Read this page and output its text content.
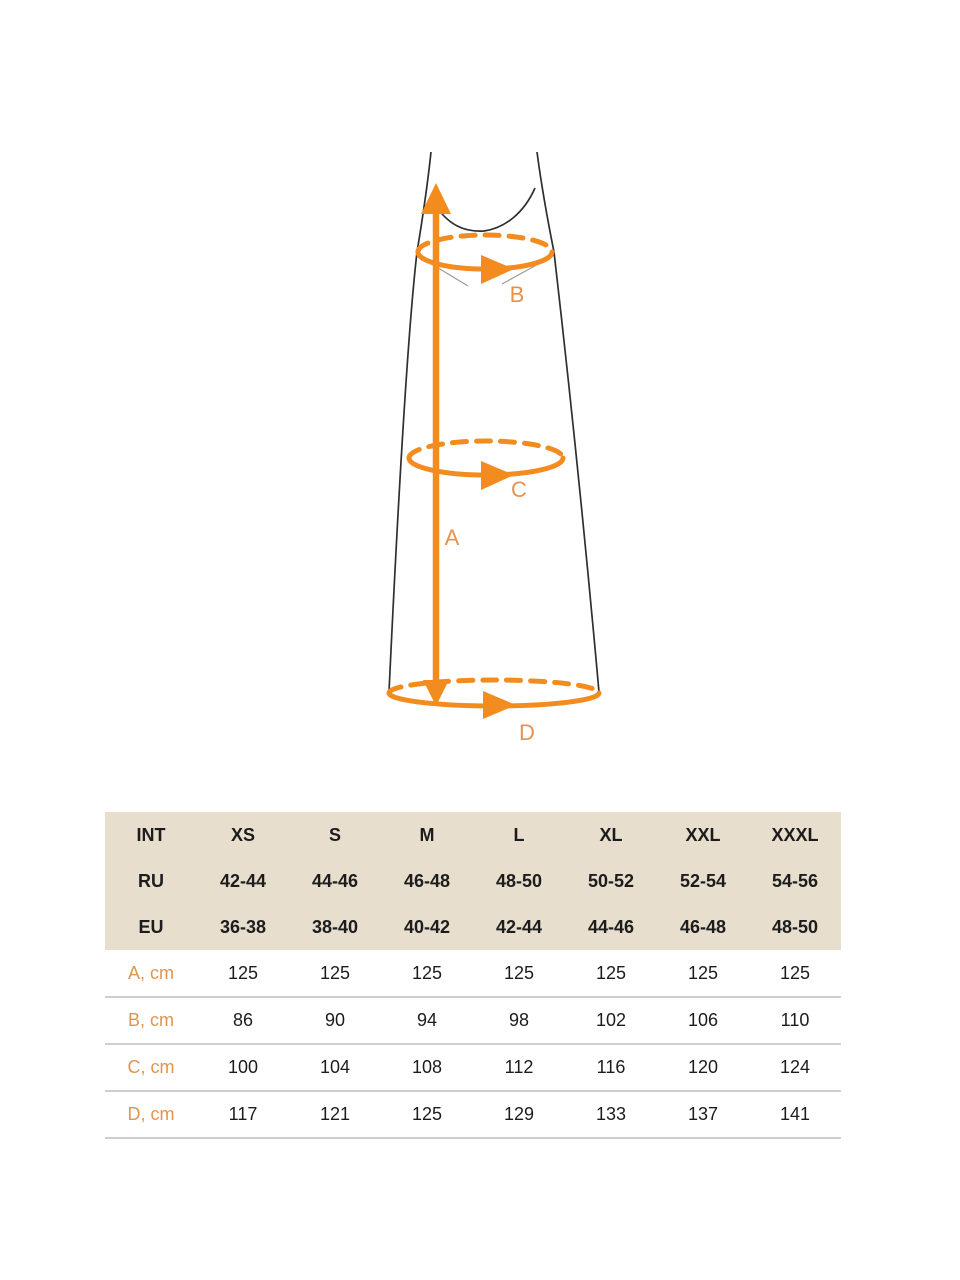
B
C
A
D
INT	XS	S	M	L	XL	XXL	XXXL
RU	42-44	44-46	46-48	48-50	50-52	52-54	54-56
EU	36-38	38-40	40-42	42-44	44-46	46-48	48-50
A, cm	125	125	125	125	125	125	125
B, cm	86	90	94	98	102	106	110
C, cm	100	104	108	112	116	120	124
D, cm	117	121	125	129	133	137	141
